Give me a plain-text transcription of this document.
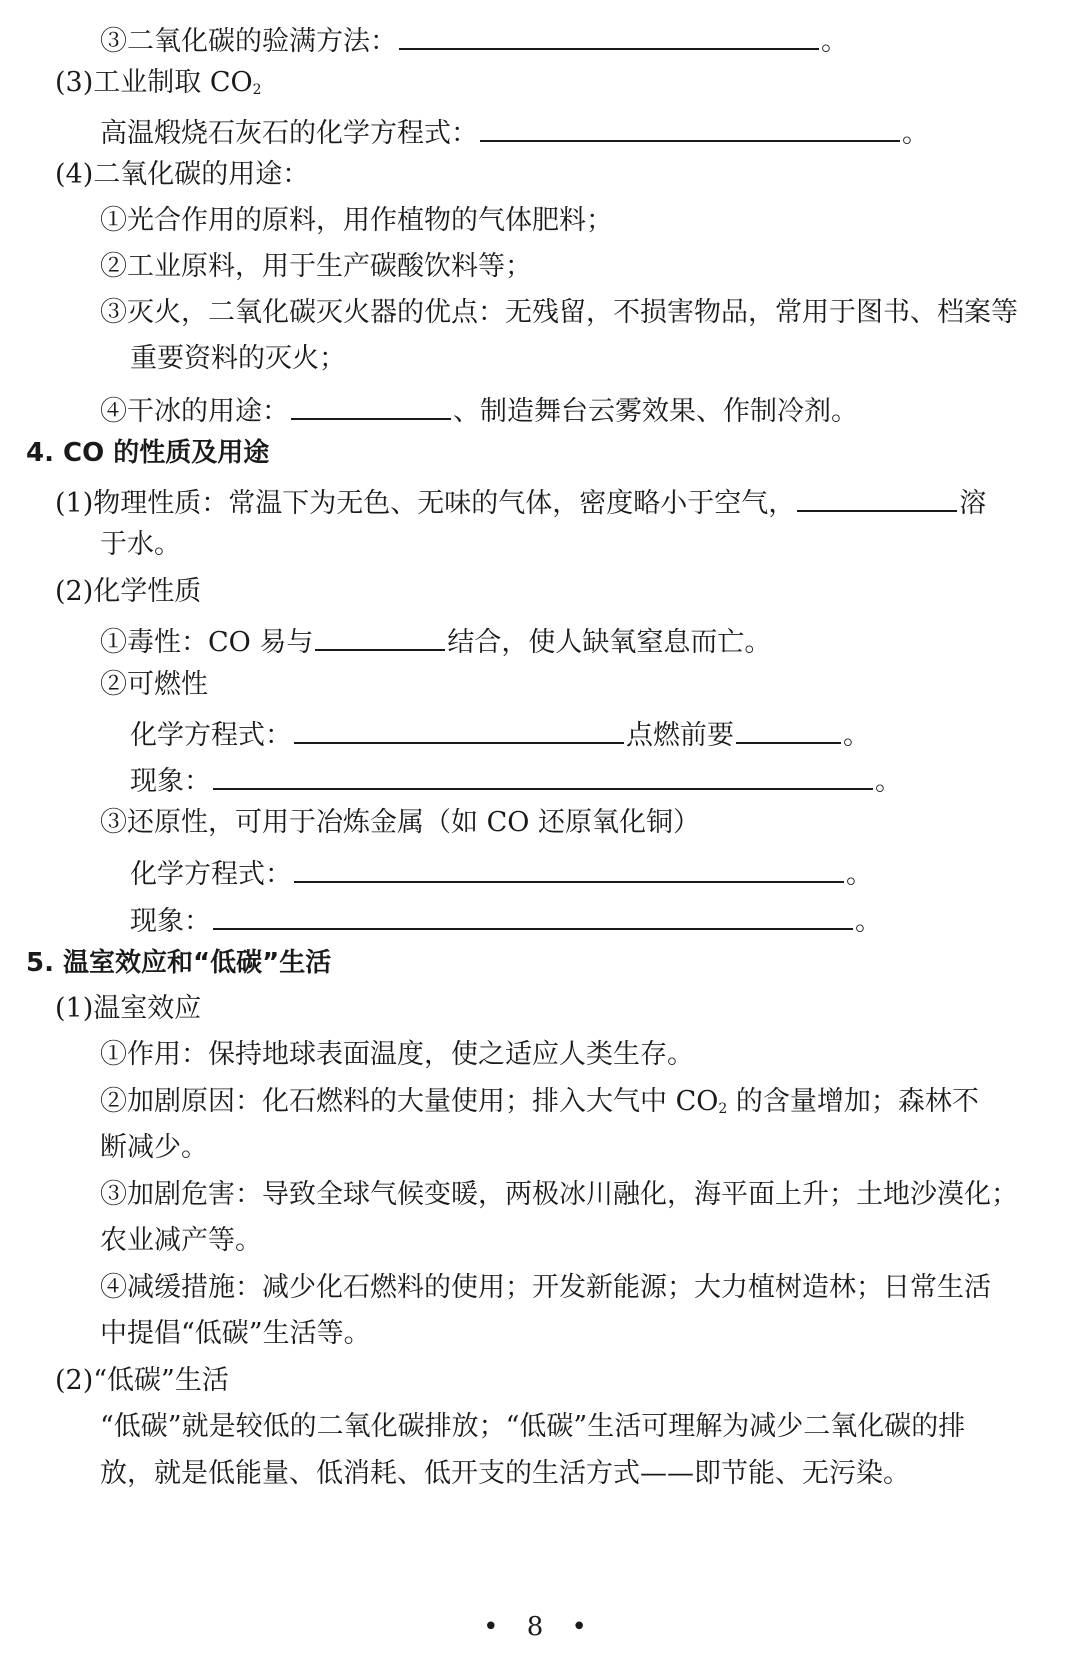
③二氧化碳的验满方法：	。
(3)工业制取 $CO_2$
高温煅烧石灰石的化学方程式：	。
(4)二氧化碳的用途：
①光合作用的原料，用作植物的气体肥料；
②工业原料，用于生产碳酸饮料等；
③灭火，二氧化碳灭火器的优点：无残留，不损害物品，常用于图书、档案等
重要资料的灭火；
④干冰的用途：	、制造舞台云雾效果、作制冷剂。
4. CO 的性质及用途
(1)物理性质：常温下为无色、无味的气体，密度略小于空气，	溶
于水。
(2)化学性质
①毒性：CO 易与	结合，使人缺氧窒息而亡。
②可燃性
化学方程式：	点燃前要	。
现象：	。
③还原性，可用于冶炼金属（如 CO 还原氧化铜）
化学方程式：	。
现象：	。
5. 温室效应和“低碳”生活
(1)温室效应
①作用：保持地球表面温度，使之适应人类生存。
②加剧原因：化石燃料的大量使用；排入大气中 $CO_2$ 的含量增加；森林不
断减少。
③加剧危害：导致全球气候变暖，两极冰川融化，海平面上升；土地沙漠化；
农业减产等。
④减缓措施：减少化石燃料的使用；开发新能源；大力植树造林；日常生活
中提倡“低碳”生活等。
(2)“低碳”生活
“低碳”就是较低的二氧化碳排放；“低碳”生活可理解为减少二氧化碳的排
放，就是低能量、低消耗、低开支的生活方式——即节能、无污染。
• 8 •
